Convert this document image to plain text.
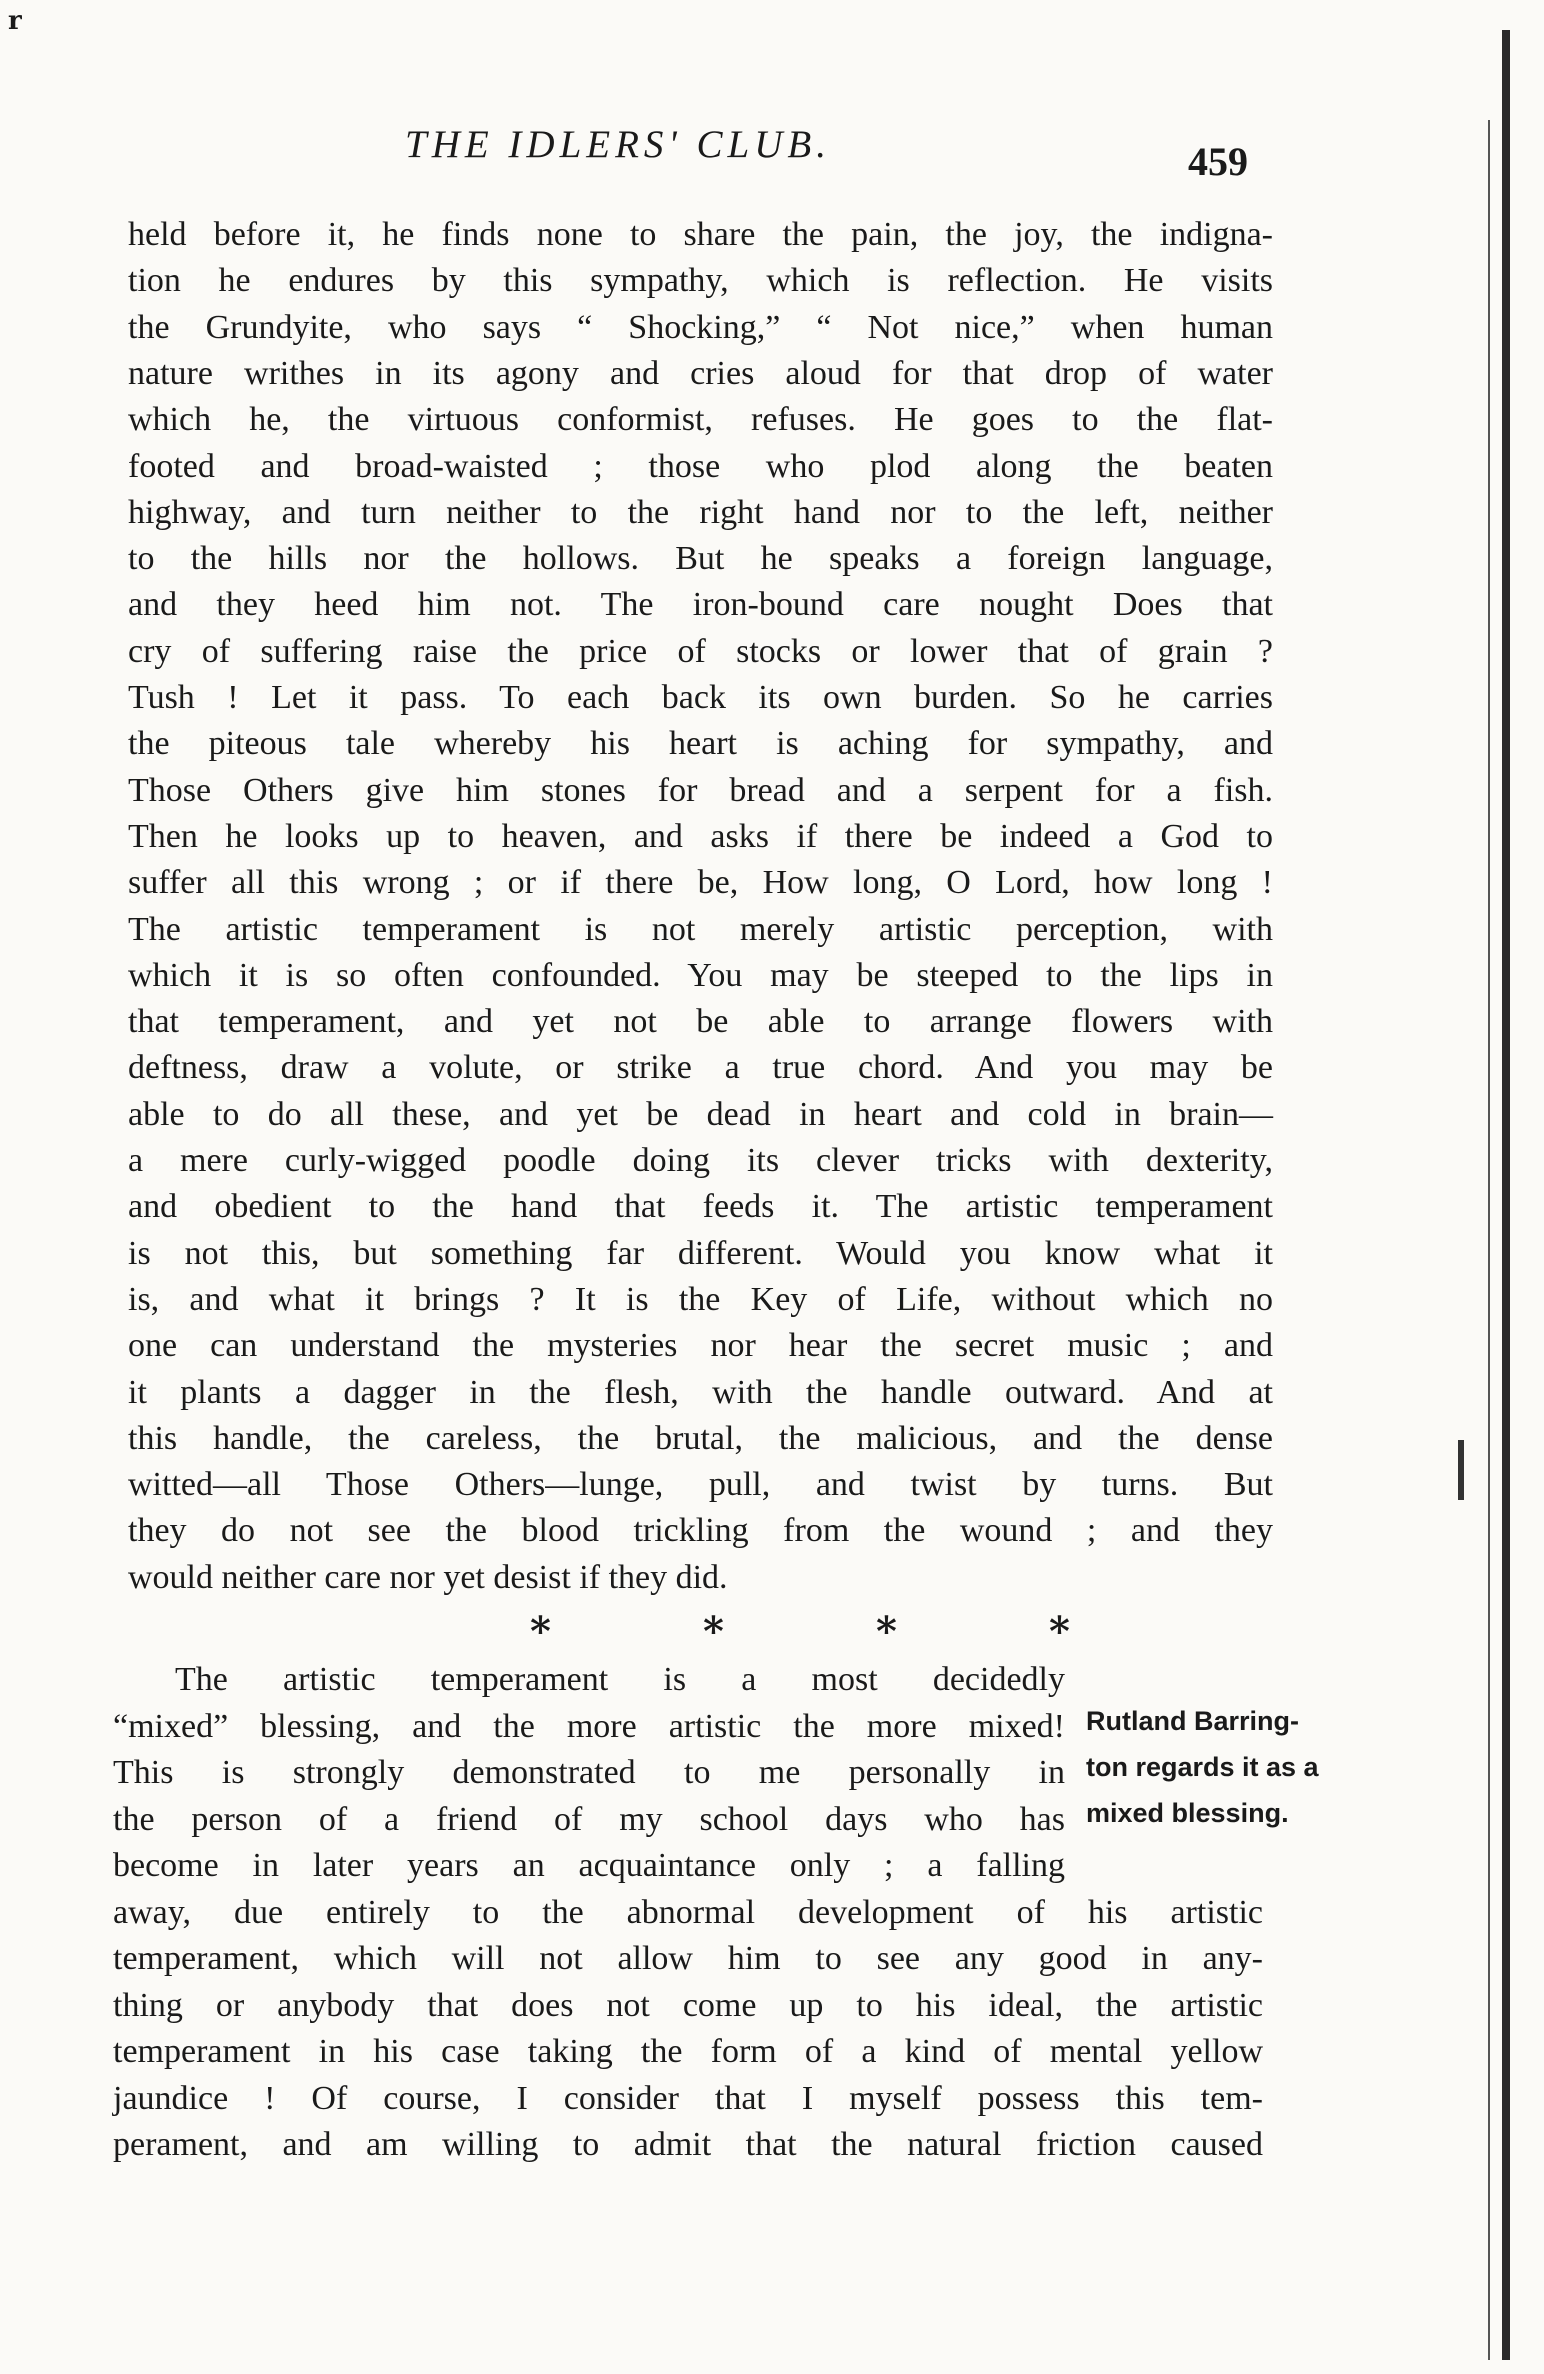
r
THE IDLERS' CLUB.	459
held before it, he finds none to share the pain, the joy, the indigna-
tion he endures by this sympathy, which is reflection. He visits
the Grundyite, who says “ Shocking,” “ Not nice,” when human
nature writhes in its agony and cries aloud for that drop of water
which he, the virtuous conformist, refuses. He goes to the flat-
footed and broad-waisted ; those who plod along the beaten
highway, and turn neither to the right hand nor to the left, neither
to the hills nor the hollows. But he speaks a foreign language,
and they heed him not. The iron-bound care nought Does that
cry of suffering raise the price of stocks or lower that of grain ?
Tush ! Let it pass. To each back its own burden. So he carries
the piteous tale whereby his heart is aching for sympathy, and
Those Others give him stones for bread and a serpent for a fish.
Then he looks up to heaven, and asks if there be indeed a God to
suffer all this wrong ; or if there be, How long, O Lord, how long !
The artistic temperament is not merely artistic perception, with
which it is so often confounded. You may be steeped to the lips in
that temperament, and yet not be able to arrange flowers with
deftness, draw a volute, or strike a true chord. And you may be
able to do all these, and yet be dead in heart and cold in brain—
a mere curly-wigged poodle doing its clever tricks with dexterity,
and obedient to the hand that feeds it. The artistic temperament
is not this, but something far different. Would you know what it
is, and what it brings ? It is the Key of Life, without which no
one can understand the mysteries nor hear the secret music ; and
it plants a dagger in the flesh, with the handle outward. And at
this handle, the careless, the brutal, the malicious, and the dense
witted—all Those Others—lunge, pull, and twist by turns. But
they do not see the blood trickling from the wound ; and they
would neither care nor yet desist if they did.
*	*	*	*
The artistic temperament is a most decidedly
“mixed” blessing, and the more artistic the more mixed!
This is strongly demonstrated to me personally in
the person of a friend of my school days who has
become in later years an acquaintance only ; a falling
away, due entirely to the abnormal development of his artistic
temperament, which will not allow him to see any good in any-
thing or anybody that does not come up to his ideal, the artistic
temperament in his case taking the form of a kind of mental yellow
jaundice ! Of course, I consider that I myself possess this tem-
perament, and am willing to admit that the natural friction caused
Rutland Barring-
ton regards it as a
mixed blessing.
